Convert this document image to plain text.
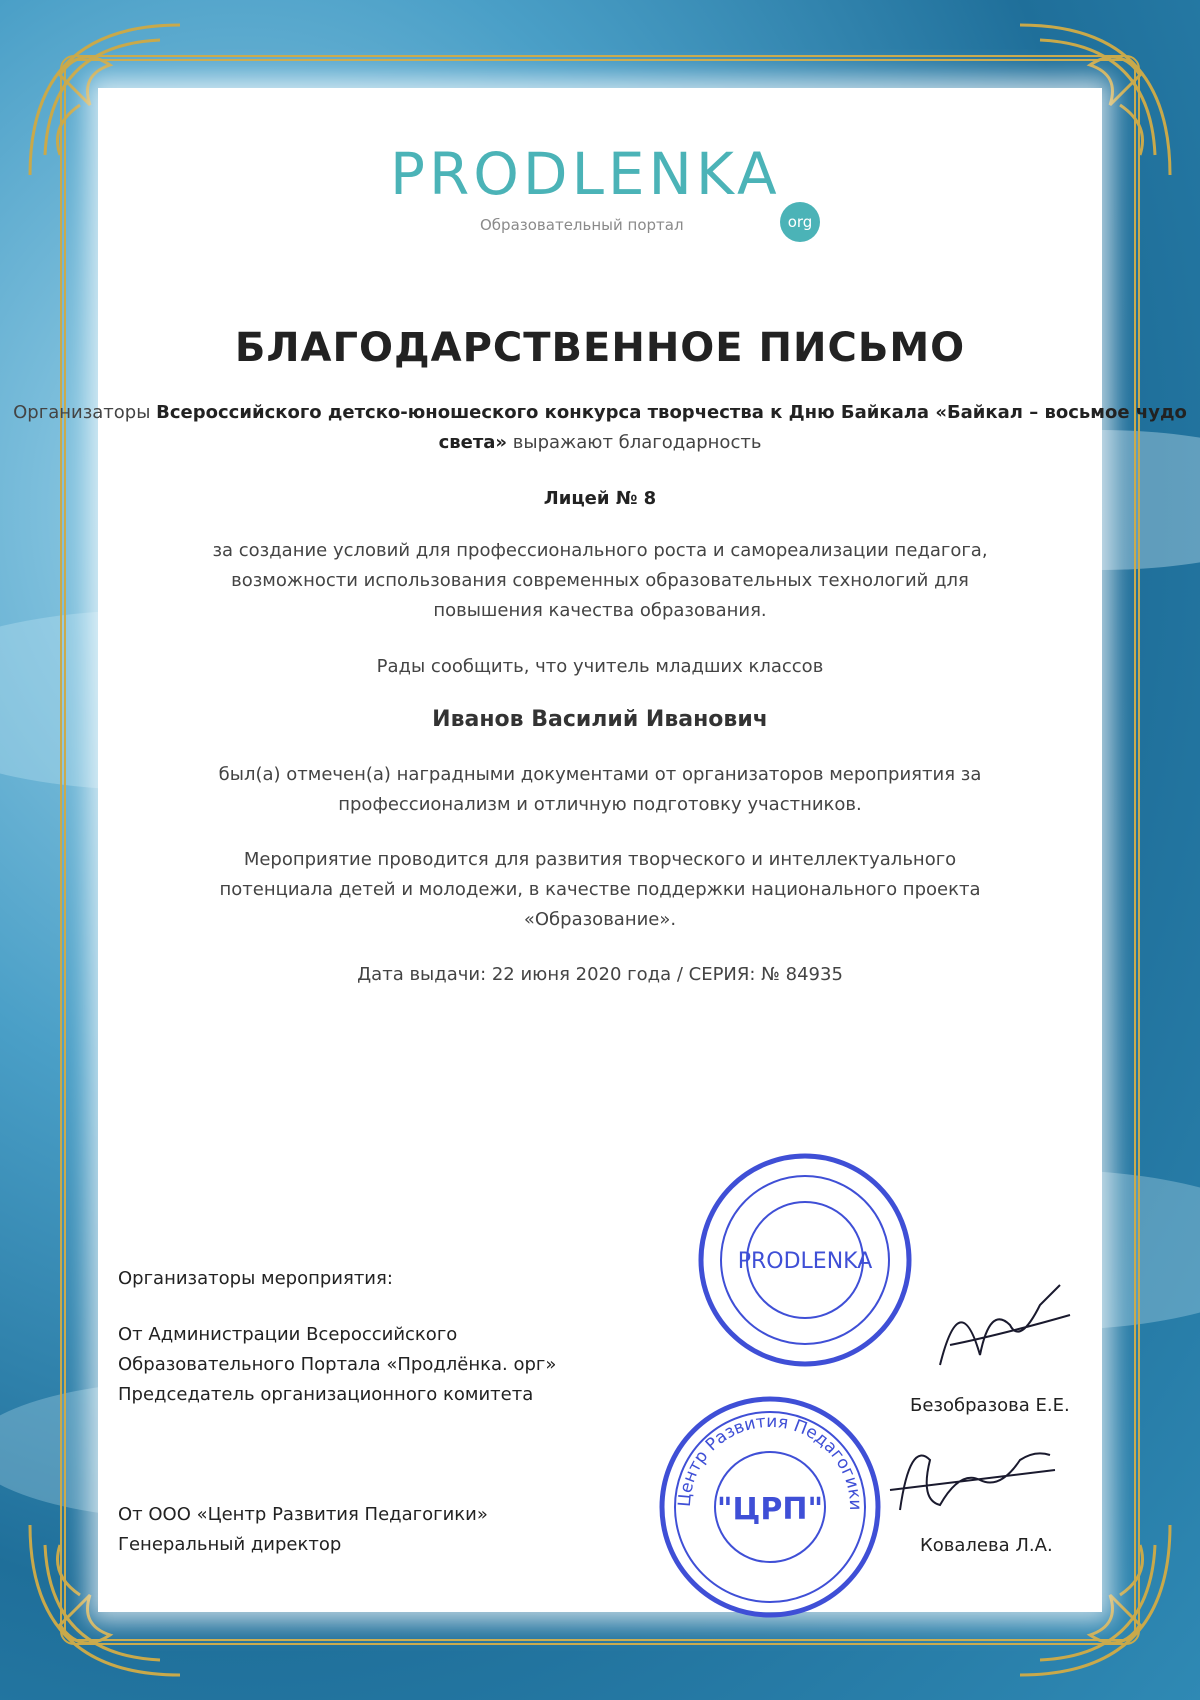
PRODLENKA
org
Образовательный портал
БЛАГОДАРСТВЕННОЕ ПИСЬМО
Организаторы Всероссийского детско-юношеского конкурса творчества к Дню Байкала «Байкал – восьмое чудо света» выражают благодарность
Лицей № 8
за создание условий для профессионального роста и самореализации педагога, возможности использования современных образовательных технологий для повышения качества образования.
Рады сообщить, что учитель младших классов
Иванов Василий Иванович
был(а) отмечен(а) наградными документами от организаторов мероприятия за профессионализм и отличную подготовку участников.
Мероприятие проводится для развития творческого и интеллектуального потенциала детей и молодежи, в качестве поддержки национального проекта «Образование».
Дата выдачи: 22 июня 2020 года / СЕРИЯ: № 84935
Организаторы мероприятия:
От Администрации Всероссийского
Образовательного Портала «Продлёнка. орг»
Председатель организационного комитета
От ООО «Центр Развития Педагогики»
Генеральный директор
PRODLENKA
Центр Развития Педагогики
"ЦРП"
Безобразова Е.Е.
Ковалева Л.А.
